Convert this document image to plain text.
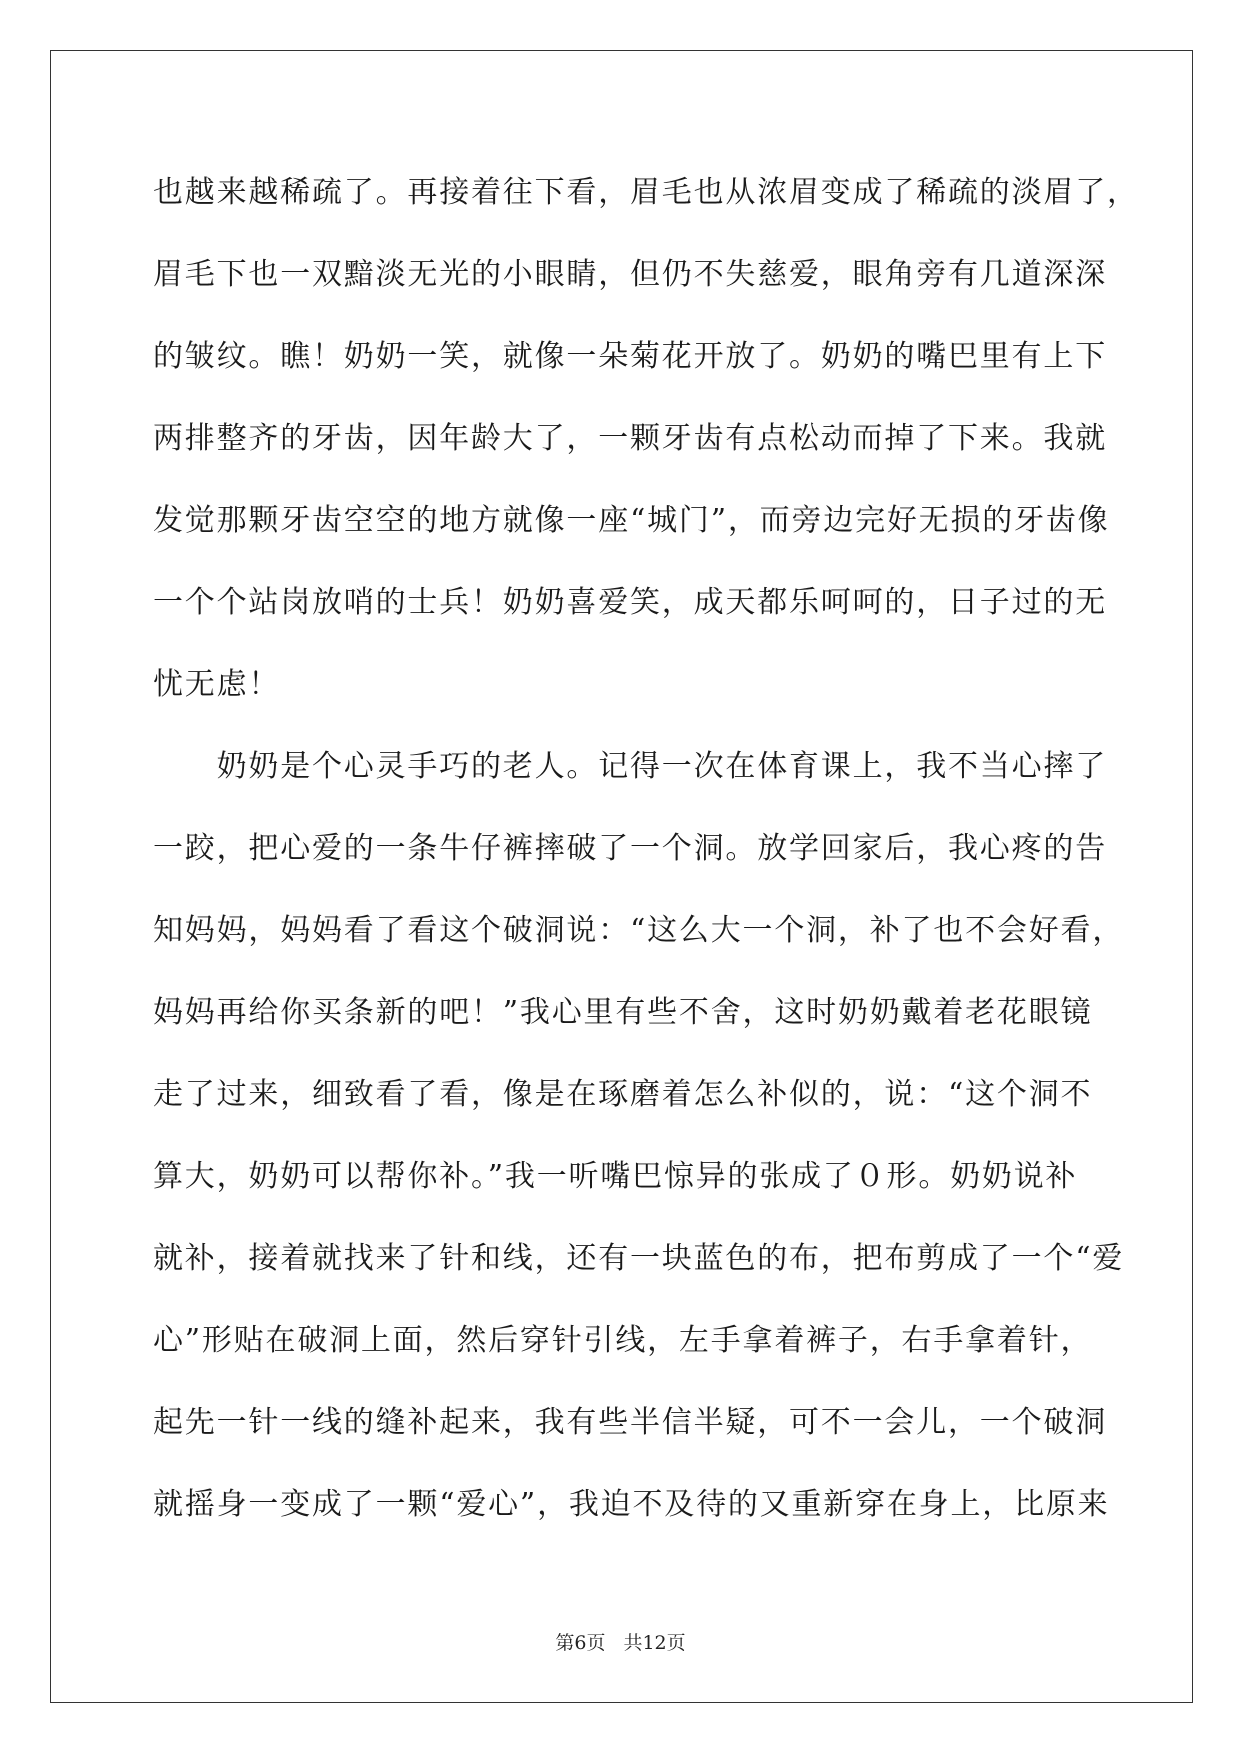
也越来越稀疏了。再接着往下看，眉毛也从浓眉变成了稀疏的淡眉了，
眉毛下也一双黯淡无光的小眼睛，但仍不失慈爱，眼角旁有几道深深
的皱纹。瞧！奶奶一笑，就像一朵菊花开放了。奶奶的嘴巴里有上下
两排整齐的牙齿，因年龄大了，一颗牙齿有点松动而掉了下来。我就
发觉那颗牙齿空空的地方就像一座“城门”，而旁边完好无损的牙齿像
一个个站岗放哨的士兵！奶奶喜爱笑，成天都乐呵呵的，日子过的无
忧无虑！
　　奶奶是个心灵手巧的老人。记得一次在体育课上，我不当心摔了
一跤，把心爱的一条牛仔裤摔破了一个洞。放学回家后，我心疼的告
知妈妈，妈妈看了看这个破洞说：“这么大一个洞，补了也不会好看，
妈妈再给你买条新的吧！”我心里有些不舍，这时奶奶戴着老花眼镜
走了过来，细致看了看，像是在琢磨着怎么补似的，说：“这个洞不
算大，奶奶可以帮你补。”我一听嘴巴惊异的张成了０形。奶奶说补
就补，接着就找来了针和线，还有一块蓝色的布，把布剪成了一个“爱
心”形贴在破洞上面，然后穿针引线，左手拿着裤子，右手拿着针，
起先一针一线的缝补起来，我有些半信半疑，可不一会儿，一个破洞
就摇身一变成了一颗“爱心”，我迫不及待的又重新穿在身上，比原来
第6页 共12页
